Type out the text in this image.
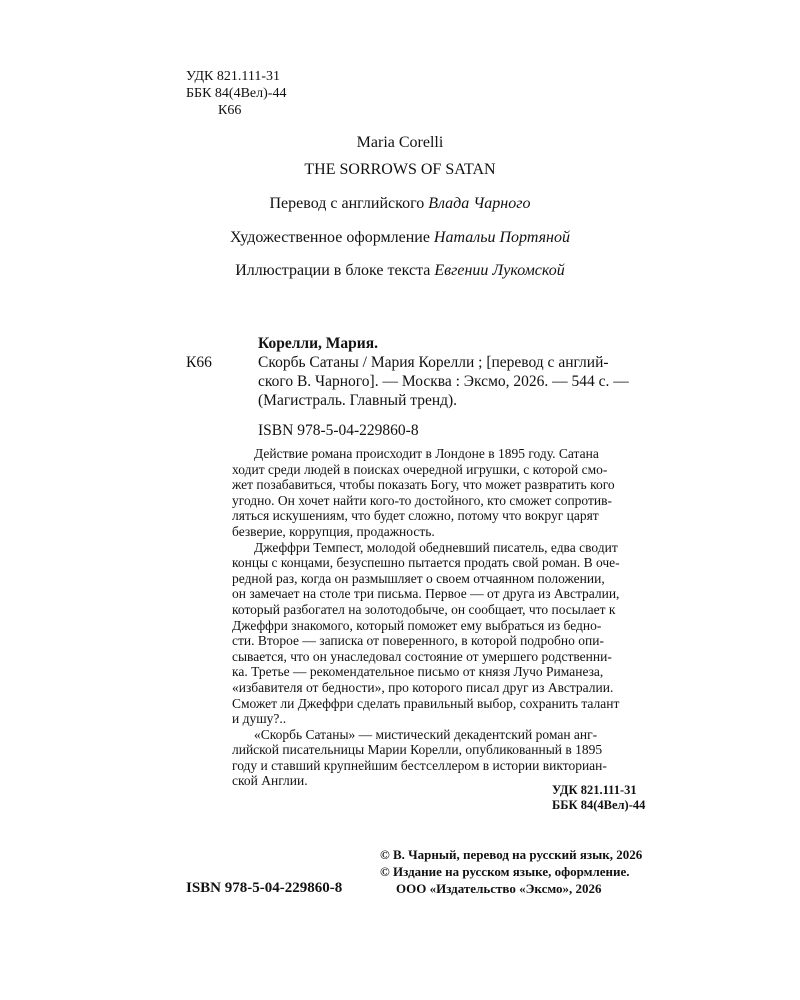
УДК 821.111-31
ББК 84(4Вел)-44
К66
Maria Corelli
THE SORROWS OF SATAN
Перевод с английского Влада Чарного
Художественное оформление Натальи Портяной
Иллюстрации в блоке текста Евгении Лукомской
Корелли, Мария.
К66	Скорбь Сатаны / Мария Корелли ; [перевод с англий-
ского В. Чарного]. — Москва : Эксмо, 2026. — 544 с. —
(Магистраль. Главный тренд).
ISBN 978-5-04-229860-8

Действие романа происходит в Лондоне в 1895 году. Сатана

ходит среди людей в поисках очередной игрушки, с которой смо-

жет позабавиться, чтобы показать Богу, что может развратить кого

угодно. Он хочет найти кого-то достойного, кто сможет сопротив-

ляться искушениям, что будет сложно, потому что вокруг царят

безверие, коррупция, продажность.

Джеффри Темпест, молодой обедневший писатель, едва сводит

концы с концами, безуспешно пытается продать свой роман. В оче-

редной раз, когда он размышляет о своем отчаянном положении,

он замечает на столе три письма. Первое — от друга из Австралии,

который разбогател на золотодобыче, он сообщает, что посылает к

Джеффри знакомого, который поможет ему выбраться из бедно-

сти. Второе — записка от поверенного, в которой подробно опи-

сывается, что он унаследовал состояние от умершего родственни-

ка. Третье — рекомендательное письмо от князя Лучо Риманеза,

«избавителя от бедности», про которого писал друг из Австралии.

Сможет ли Джеффри сделать правильный выбор, сохранить талант

и душу?..

«Скорбь Сатаны» — мистический декадентский роман анг-

лийской писательницы Марии Корелли, опубликованный в 1895

году и ставший крупнейшим бестселлером в истории викториан-

ской Англии.

УДК 821.111-31
ББК 84(4Вел)-44
© В. Чарный, перевод на русский язык, 2026
© Издание на русском языке, оформление.
ООО «Издательство «Эксмо», 2026
ISBN 978-5-04-229860-8
